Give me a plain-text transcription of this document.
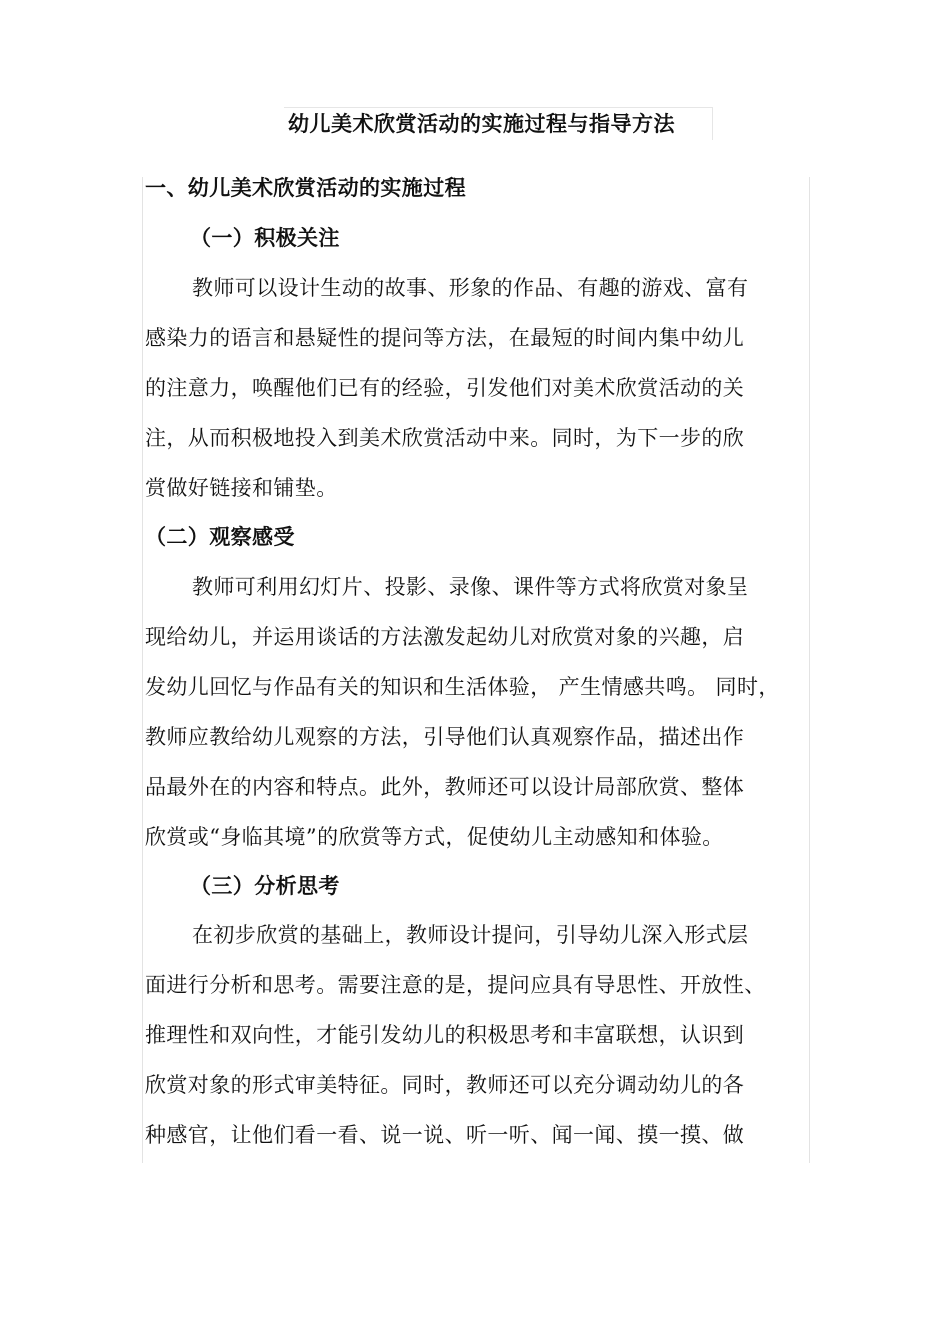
幼儿美术欣赏活动的实施过程与指导方法
一、幼儿美术欣赏活动的实施过程
（一）积极关注
教师可以设计生动的故事、形象的作品、有趣的游戏、富有
感染力的语言和悬疑性的提问等方法，在最短的时间内集中幼儿
的注意力，唤醒他们已有的经验，引发他们对美术欣赏活动的关
注，从而积极地投入到美术欣赏活动中来。同时，为下一步的欣
赏做好链接和铺垫。
（二）观察感受
教师可利用幻灯片、投影、录像、课件等方式将欣赏对象呈
现给幼儿，并运用谈话的方法激发起幼儿对欣赏对象的兴趣，启
发幼儿回忆与作品有关的知识和生活体验， 产生情感共鸣。 同时，
教师应教给幼儿观察的方法，引导他们认真观察作品，描述出作
品最外在的内容和特点。此外，教师还可以设计局部欣赏、整体
欣赏或“身临其境”的欣赏等方式，促使幼儿主动感知和体验。
（三）分析思考
在初步欣赏的基础上，教师设计提问，引导幼儿深入形式层
面进行分析和思考。需要注意的是，提问应具有导思性、开放性、
推理性和双向性，才能引发幼儿的积极思考和丰富联想，认识到
欣赏对象的形式审美特征。同时，教师还可以充分调动幼儿的各
种感官，让他们看一看、说一说、听一听、闻一闻、摸一摸、做
